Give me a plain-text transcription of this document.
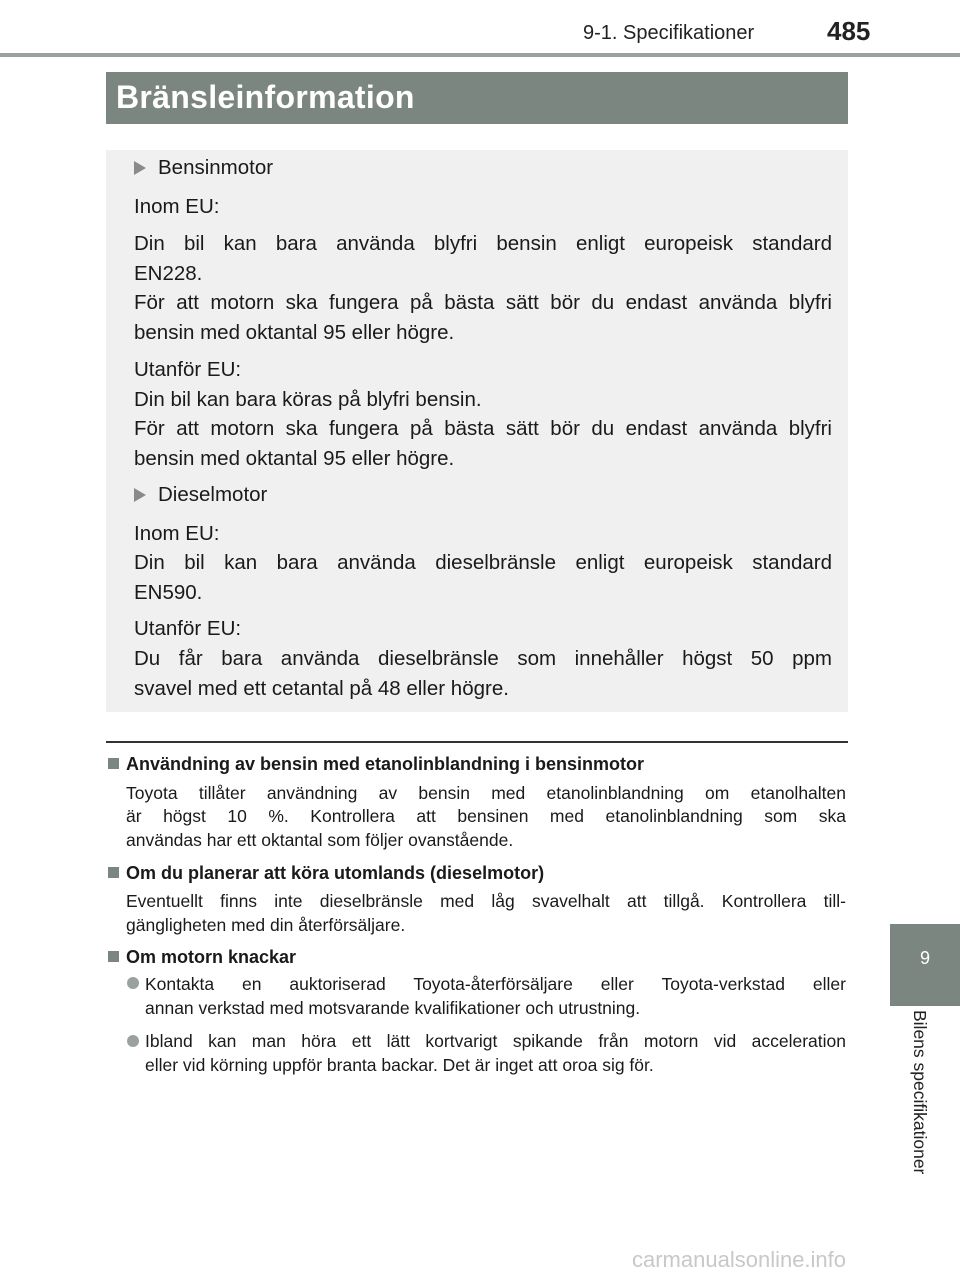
9-1. Specifikationer	485
Bränsleinformation
Bensinmotor
Inom EU:
Din bil kan bara använda blyfri bensin enligt europeisk standard
EN228.
För att motorn ska fungera på bästa sätt bör du endast använda blyfri
bensin med oktantal 95 eller högre.
Utanför EU:
Din bil kan bara köras på blyfri bensin.
För att motorn ska fungera på bästa sätt bör du endast använda blyfri
bensin med oktantal 95 eller högre.
Dieselmotor
Inom EU:
Din bil kan bara använda dieselbränsle enligt europeisk standard
EN590.
Utanför EU:
Du får bara använda dieselbränsle som innehåller högst 50 ppm
svavel med ett cetantal på 48 eller högre.
Användning av bensin med etanolinblandning i bensinmotor
Toyota tillåter användning av bensin med etanolinblandning om etanolhalten
är högst 10 %. Kontrollera att bensinen med etanolinblandning som ska
användas har ett oktantal som följer ovanstående.
Om du planerar att köra utomlands (dieselmotor)
Eventuellt finns inte dieselbränsle med låg svavelhalt att tillgå. Kontrollera till-
gängligheten med din återförsäljare.
Om motorn knackar
Kontakta en auktoriserad Toyota-återförsäljare eller Toyota-verkstad eller
annan verkstad med motsvarande kvalifikationer och utrustning.
Ibland kan man höra ett lätt kortvarigt spikande från motorn vid acceleration
eller vid körning uppför branta backar. Det är inget att oroa sig för.
9
Bilens specifikationer
carmanualsonline.info
